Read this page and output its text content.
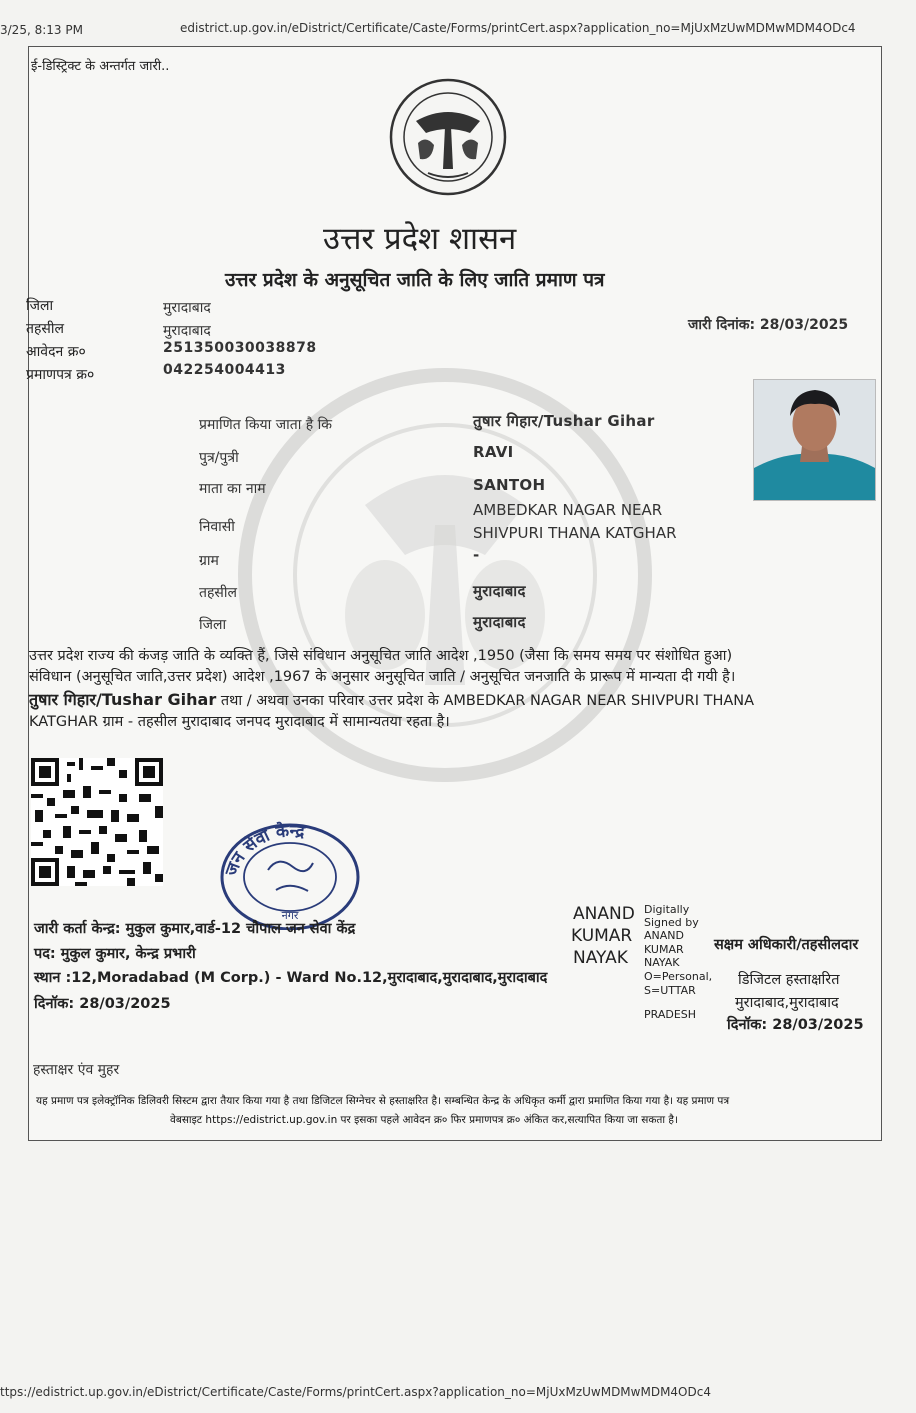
3/25, 8:13 PM	edistrict.up.gov.in/eDistrict/Certificate/Caste/Forms/printCert.aspx?application_no=MjUxMzUwMDMwMDM4ODc4
ई-डिस्ट्रिक्ट के अन्तर्गत जारी..
उत्तर प्रदेश शासन
उत्तर प्रदेश के अनुसूचित जाति के लिए जाति प्रमाण पत्र
जिला	मुरादाबाद
तहसील	मुरादाबाद
आवेदन क्र०	251350030038878
प्रमाणपत्र क्र०	042254004413
जारी दिनांक: 28/03/2025
प्रमाणित किया जाता है कि	तुषार गिहार/Tushar Gihar
पुत्र/पुत्री	RAVI
माता का नाम	SANTOH
निवासी
AMBEDKAR NAGAR NEAR
SHIVPURI THANA KATGHAR
ग्राम	-
तहसील	मुरादाबाद
जिला	मुरादाबाद
उत्तर प्रदेश राज्य की कंजड़ जाति के व्यक्ति हैं, जिसे संविधान अनुसूचित जाति आदेश ,1950 (जैसा कि समय समय पर संशोधित हुआ)
संविधान (अनुसूचित जाति,उत्तर प्रदेश) आदेश ,1967 के अनुसार अनुसूचित जाति / अनुसूचित जनजाति के प्रारूप में मान्यता दी गयी है।
तुषार गिहार/Tushar Gihar तथा / अथवा उनका परिवार उत्तर प्रदेश के AMBEDKAR NAGAR NEAR SHIVPURI THANA
KATGHAR ग्राम - तहसील मुरादाबाद जनपद मुरादाबाद में सामान्यतया रहता है।
जन सेवा केन्द्र
नगर
जारी कर्ता केन्द्र: मुकुल कुमार,वार्ड-12 चौपाल जन सेवा केंद्र
पद: मुकुल कुमार, केन्द्र प्रभारी
स्थान :12,Moradabad (M Corp.) - Ward No.12,मुरादाबाद,मुरादाबाद,मुरादाबाद
दिनॉक: 28/03/2025
ANAND
KUMAR
NAYAK
Digitally
Signed by
ANAND
KUMAR
NAYAK
O=Personal,
S=UTTAR
PRADESH
सक्षम अधिकारी/तहसीलदार
डिजिटल हस्ताक्षरित
मुरादाबाद,मुरादाबाद
दिनॉक: 28/03/2025
हस्ताक्षर एंव मुहर
यह प्रमाण पत्र इलेक्ट्रॉनिक डिलिवरी सिस्टम द्वारा तैयार किया गया है तथा डिजिटल सिग्नेचर से हस्ताक्षरित है। सम्बन्धित केन्द्र के अधिकृत कर्मी द्वारा प्रमाणित किया गया है। यह प्रमाण पत्र
वेबसाइट https://edistrict.up.gov.in पर इसका पहले आवेदन क्र० फिर प्रमाणपत्र क्र० अंकित कर,सत्यापित किया जा सकता है।
ttps://edistrict.up.gov.in/eDistrict/Certificate/Caste/Forms/printCert.aspx?application_no=MjUxMzUwMDMwMDM4ODc4
